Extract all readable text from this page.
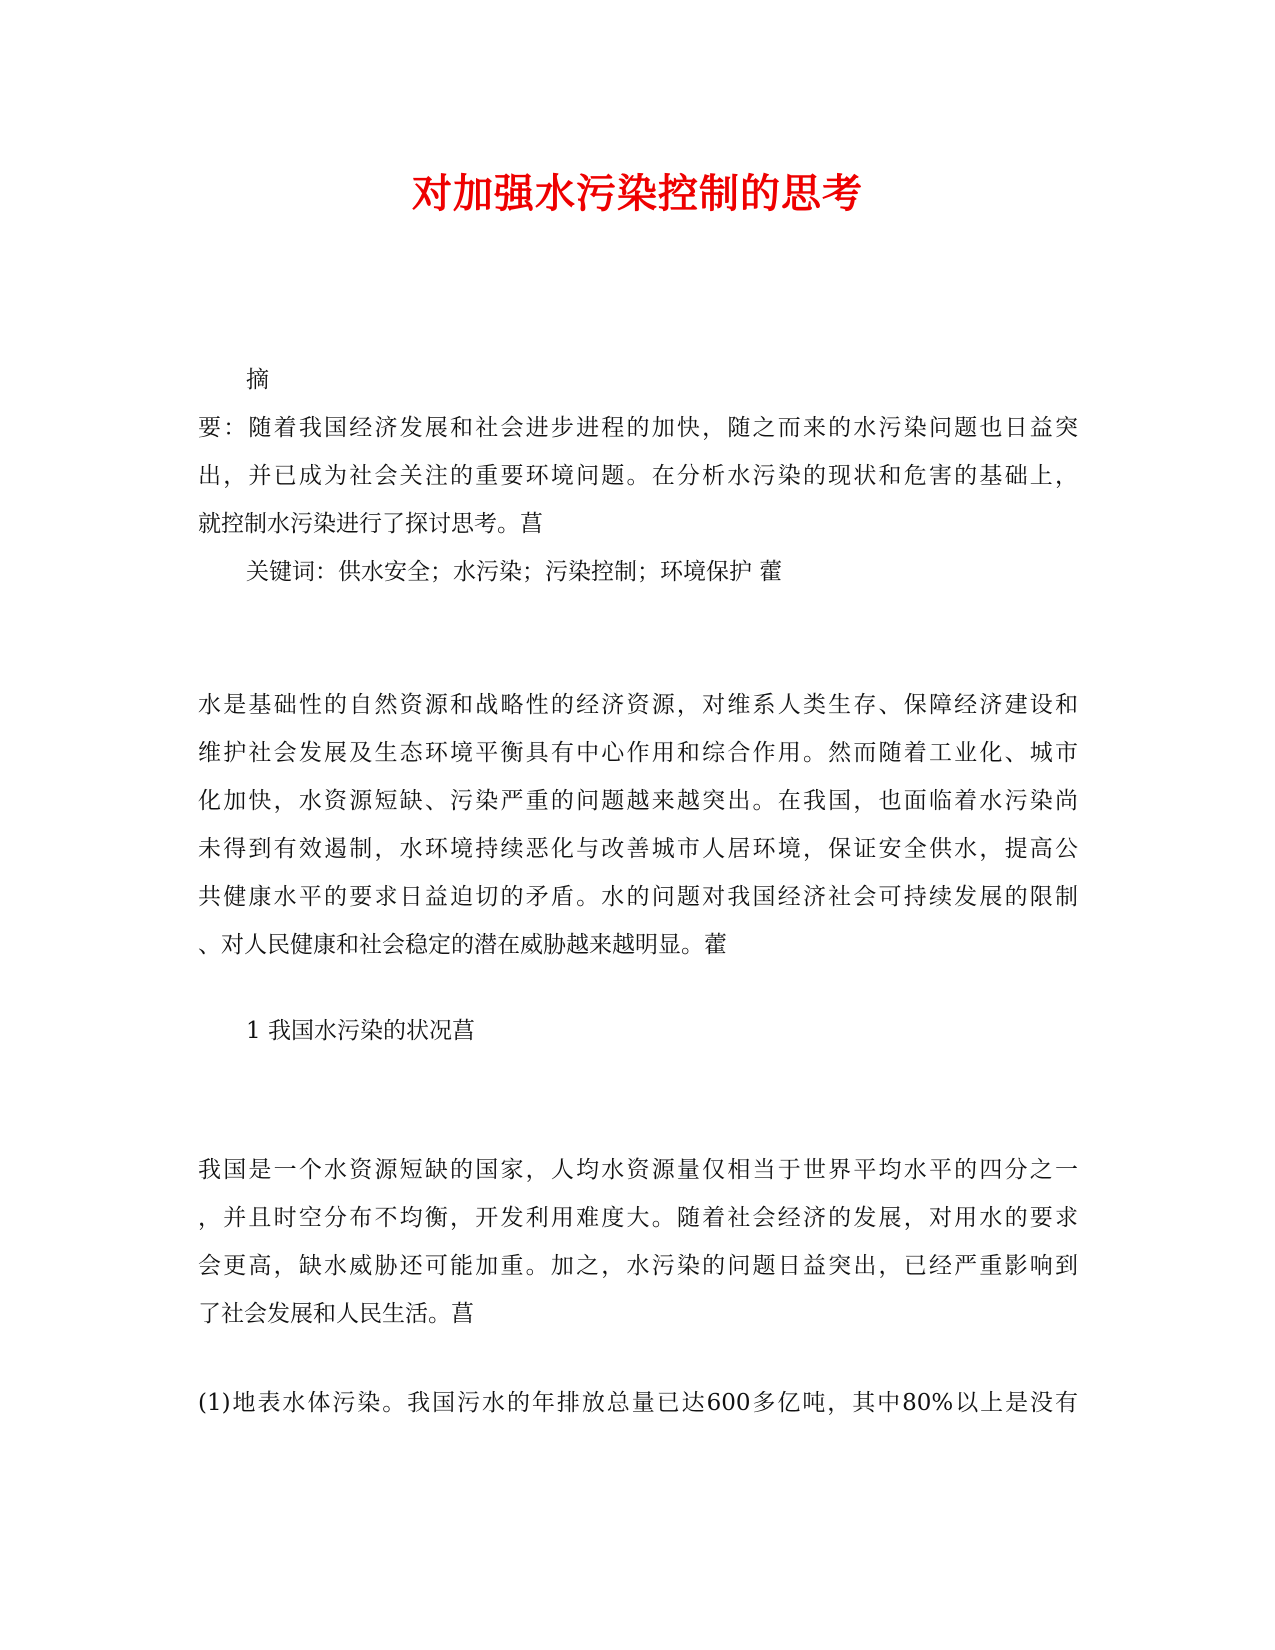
对加强水污染控制的思考
摘
要：随着我国经济发展和社会进步进程的加快，随之而来的水污染问题也日益突
出，并已成为社会关注的重要环境问题。在分析水污染的现状和危害的基础上，
就控制水污染进行了探讨思考。菖
关键词：供水安全；水污染；污染控制；环境保护 藿
水是基础性的自然资源和战略性的经济资源，对维系人类生存、保障经济建设和
维护社会发展及生态环境平衡具有中心作用和综合作用。然而随着工业化、城市
化加快，水资源短缺、污染严重的问题越来越突出。在我国，也面临着水污染尚
未得到有效遏制，水环境持续恶化与改善城市人居环境，保证安全供水，提高公
共健康水平的要求日益迫切的矛盾。水的问题对我国经济社会可持续发展的限制
、对人民健康和社会稳定的潜在威胁越来越明显。藿
1 我国水污染的状况菖
我国是一个水资源短缺的国家，人均水资源量仅相当于世界平均水平的四分之一
，并且时空分布不均衡，开发利用难度大。随着社会经济的发展，对用水的要求
会更高，缺水威胁还可能加重。加之，水污染的问题日益突出，已经严重影响到
了社会发展和人民生活。菖
(1)地表水体污染。我国污水的年排放总量已达600多亿吨，其中80%以上是没有
